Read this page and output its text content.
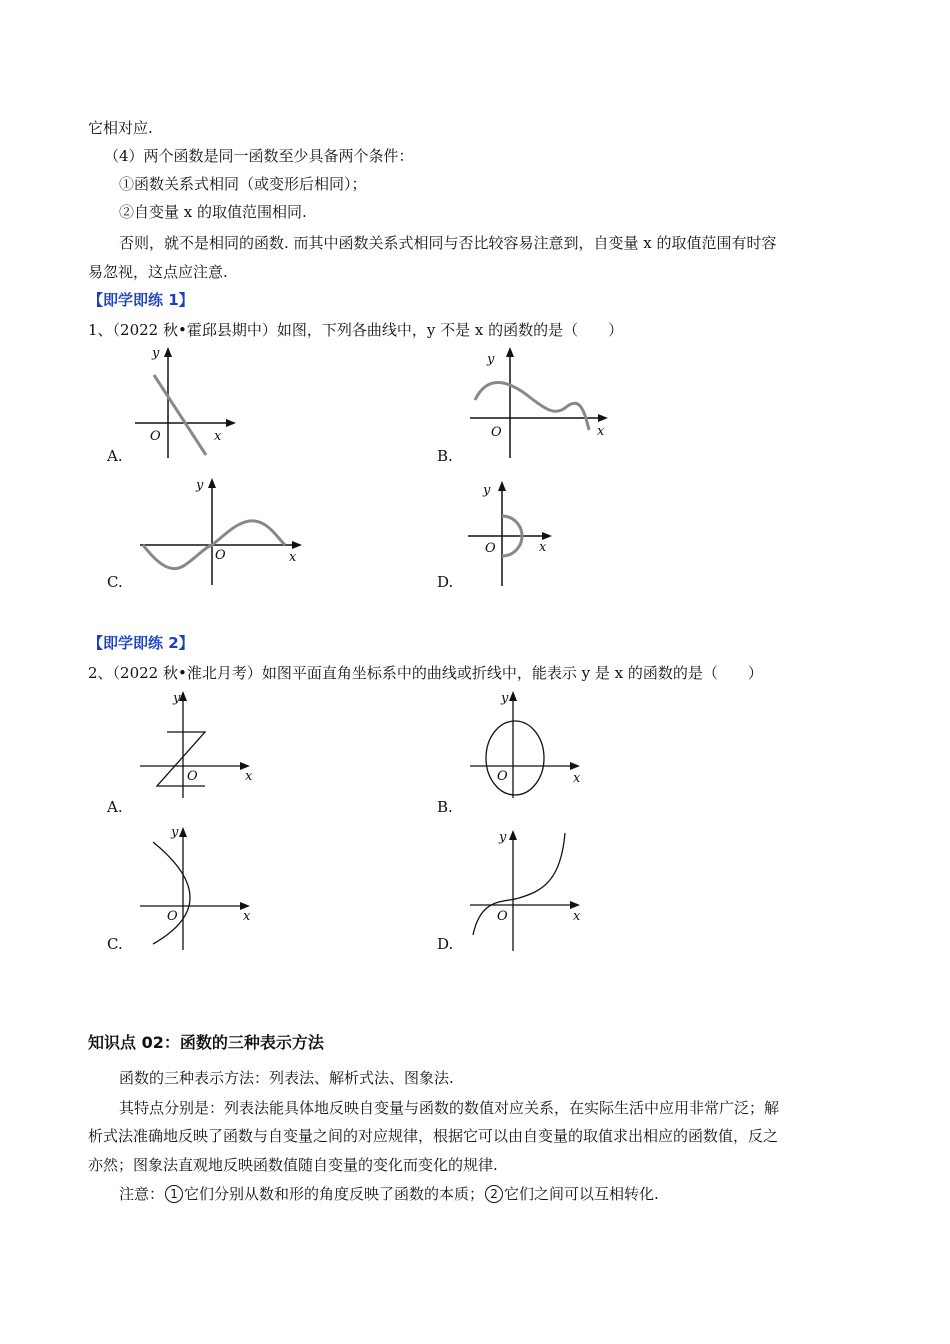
它相对应.
（4）两个函数是同一函数至少具备两个条件：
①函数关系式相同（或变形后相同）；
②自变量 x 的取值范围相同.
否则，就不是相同的函数. 而其中函数关系式相同与否比较容易注意到，自变量 x 的取值范围有时容
易忽视，这点应注意.
【即学即练 1】
1、（2022 秋•霍邱县期中）如图，下列各曲线中，y 不是 x 的函数的是（　　）
y
O	x
A.
y
O	x
B.
y
O	x
C.
y
O	x
D.
【即学即练 2】
2、（2022 秋•淮北月考）如图平面直角坐标系中的曲线或折线中，能表示 y 是 x 的函数的是（　　）
y
O	x
A.
y
O	x
B.
y
O	x
C.
y
O	x
D.
知识点 02：函数的三种表示方法
函数的三种表示方法：列表法、解析式法、图象法.
其特点分别是：列表法能具体地反映自变量与函数的数值对应关系，在实际生活中应用非常广泛；解
析式法准确地反映了函数与自变量之间的对应规律，根据它可以由自变量的取值求出相应的函数值，反之
亦然；图象法直观地反映函数值随自变量的变化而变化的规律.
注意： 1 它们分别从数和形的角度反映了函数的本质； 2 它们之间可以互相转化.
